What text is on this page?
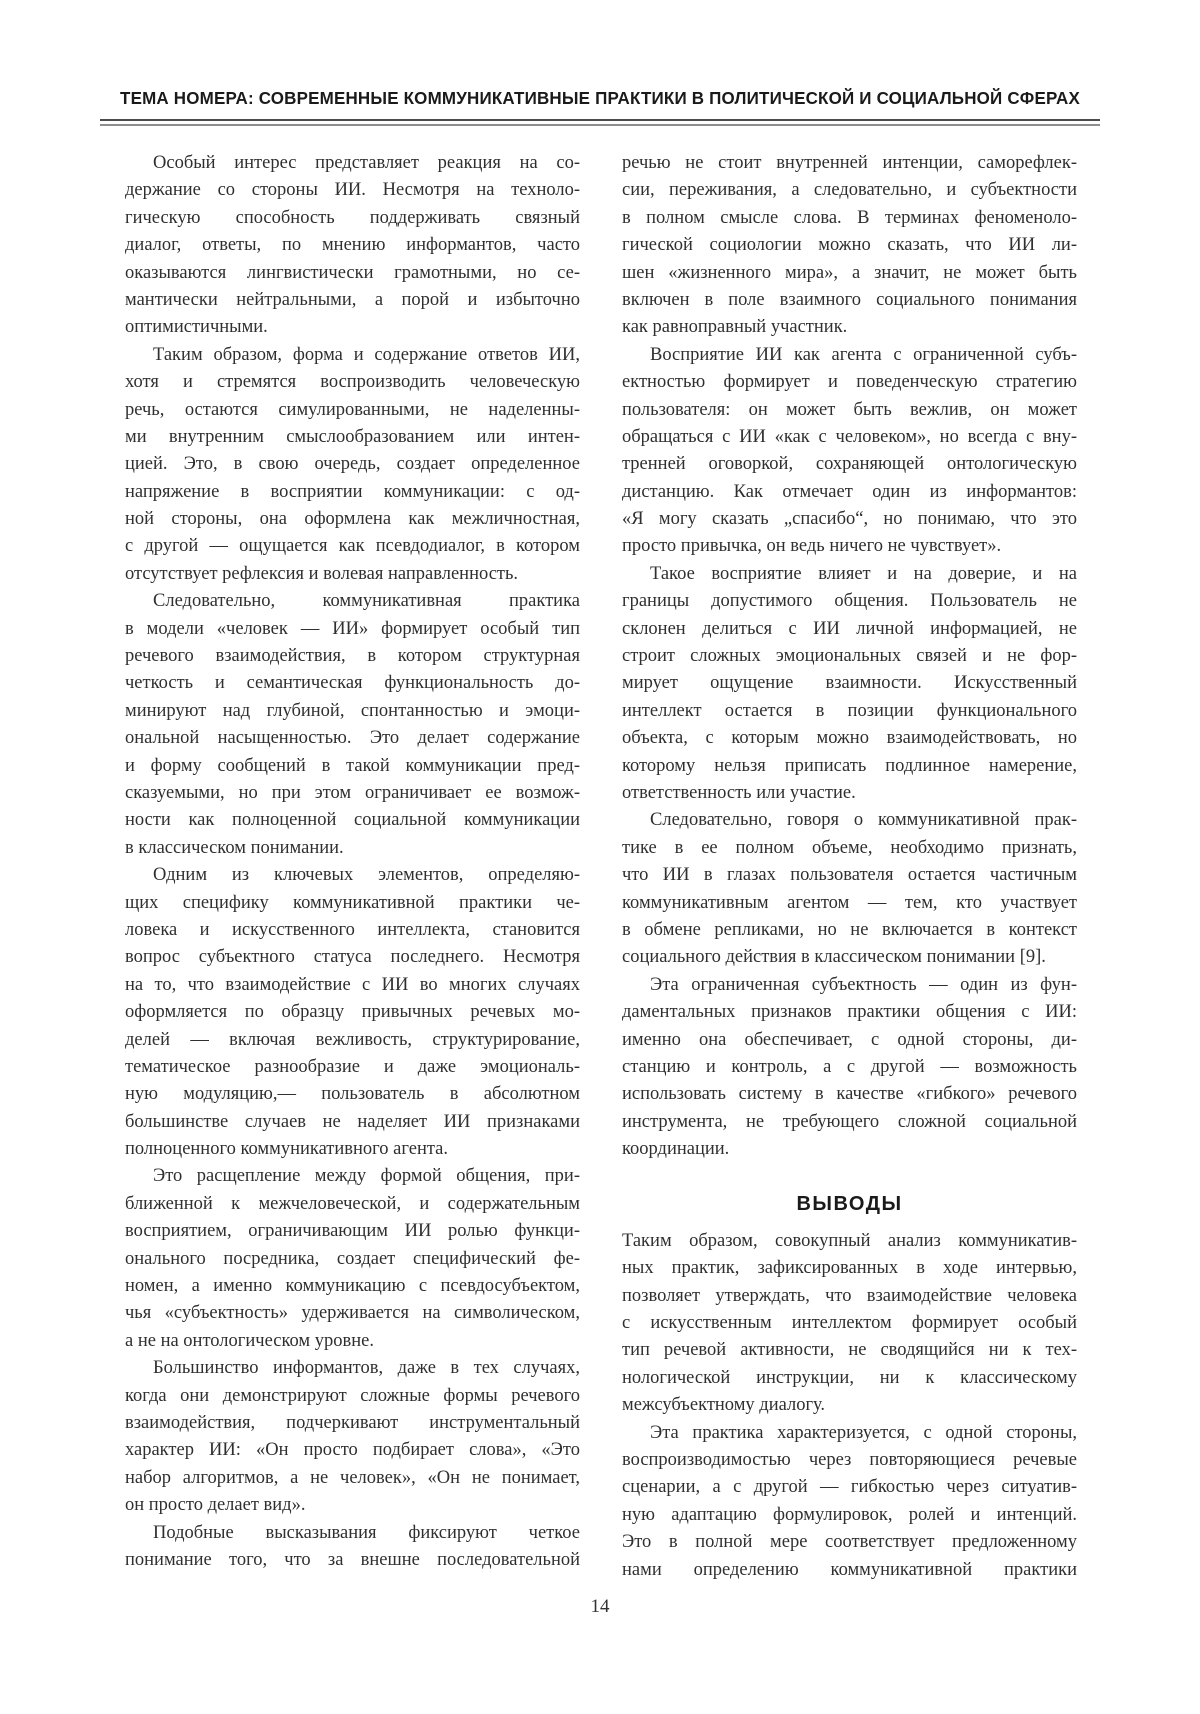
ТЕМА НОМЕРА: СОВРЕМЕННЫЕ КОММУНИКАТИВНЫЕ ПРАКТИКИ В ПОЛИТИЧЕСКОЙ И СОЦИАЛЬНОЙ СФЕРАХ
Особый интерес представляет реакция на со-
держание со стороны ИИ. Несмотря на техноло-
гическую способность поддерживать связный
диалог, ответы, по мнению информантов, часто
оказываются лингвистически грамотными, но се-
мантически нейтральными, а порой и избыточно
оптимистичными.
Таким образом, форма и содержание ответов ИИ,
хотя и стремятся воспроизводить человеческую
речь, остаются симулированными, не наделенны-
ми внутренним смыслообразованием или интен-
цией. Это, в свою очередь, создает определенное
напряжение в восприятии коммуникации: с од-
ной стороны, она оформлена как межличностная,
с другой — ощущается как псевдодиалог, в котором
отсутствует рефлексия и волевая направленность.
Следовательно, коммуникативная практика
в модели «человек — ИИ» формирует особый тип
речевого взаимодействия, в котором структурная
четкость и семантическая функциональность до-
минируют над глубиной, спонтанностью и эмоци-
ональной насыщенностью. Это делает содержание
и форму сообщений в такой коммуникации пред-
сказуемыми, но при этом ограничивает ее возмож-
ности как полноценной социальной коммуникации
в классическом понимании.
Одним из ключевых элементов, определяю-
щих специфику коммуникативной практики че-
ловека и искусственного интеллекта, становится
вопрос субъектного статуса последнего. Несмотря
на то, что взаимодействие с ИИ во многих случаях
оформляется по образцу привычных речевых мо-
делей — включая вежливость, структурирование,
тематическое разнообразие и даже эмоциональ-
ную модуляцию,— пользователь в абсолютном
большинстве случаев не наделяет ИИ признаками
полноценного коммуникативного агента.
Это расщепление между формой общения, при-
ближенной к межчеловеческой, и содержательным
восприятием, ограничивающим ИИ ролью функци-
онального посредника, создает специфический фе-
номен, а именно коммуникацию с псевдосубъектом,
чья «субъектность» удерживается на символическом,
а не на онтологическом уровне.
Большинство информантов, даже в тех случаях,
когда они демонстрируют сложные формы речевого
взаимодействия, подчеркивают инструментальный
характер ИИ: «Он просто подбирает слова», «Это
набор алгоритмов, а не человек», «Он не понимает,
он просто делает вид».
Подобные высказывания фиксируют четкое
понимание того, что за внешне последовательной
речью не стоит внутренней интенции, саморефлек-
сии, переживания, а следовательно, и субъектности
в полном смысле слова. В терминах феноменоло-
гической социологии можно сказать, что ИИ ли-
шен «жизненного мира», а значит, не может быть
включен в поле взаимного социального понимания
как равноправный участник.
Восприятие ИИ как агента с ограниченной субъ-
ектностью формирует и поведенческую стратегию
пользователя: он может быть вежлив, он может
обращаться с ИИ «как с человеком», но всегда с вну-
тренней оговоркой, сохраняющей онтологическую
дистанцию. Как отмечает один из информантов:
«Я могу сказать „спасибо“, но понимаю, что это
просто привычка, он ведь ничего не чувствует».
Такое восприятие влияет и на доверие, и на
границы допустимого общения. Пользователь не
склонен делиться с ИИ личной информацией, не
строит сложных эмоциональных связей и не фор-
мирует ощущение взаимности. Искусственный
интеллект остается в позиции функционального
объекта, с которым можно взаимодействовать, но
которому нельзя приписать подлинное намерение,
ответственность или участие.
Следовательно, говоря о коммуникативной прак-
тике в ее полном объеме, необходимо признать,
что ИИ в глазах пользователя остается частичным
коммуникативным агентом — тем, кто участвует
в обмене репликами, но не включается в контекст
социального действия в классическом понимании [9].
Эта ограниченная субъектность — один из фун-
даментальных признаков практики общения с ИИ:
именно она обеспечивает, с одной стороны, ди-
станцию и контроль, а с другой — возможность
использовать систему в качестве «гибкого» речевого
инструмента, не требующего сложной социальной
координации.
ВЫВОДЫ
Таким образом, совокупный анализ коммуникатив-
ных практик, зафиксированных в ходе интервью,
позволяет утверждать, что взаимодействие человека
с искусственным интеллектом формирует особый
тип речевой активности, не сводящийся ни к тех-
нологической инструкции, ни к классическому
межсубъектному диалогу.
Эта практика характеризуется, с одной стороны,
воспроизводимостью через повторяющиеся речевые
сценарии, а с другой — гибкостью через ситуатив-
ную адаптацию формулировок, ролей и интенций.
Это в полной мере соответствует предложенному
нами определению коммуникативной практики
14
